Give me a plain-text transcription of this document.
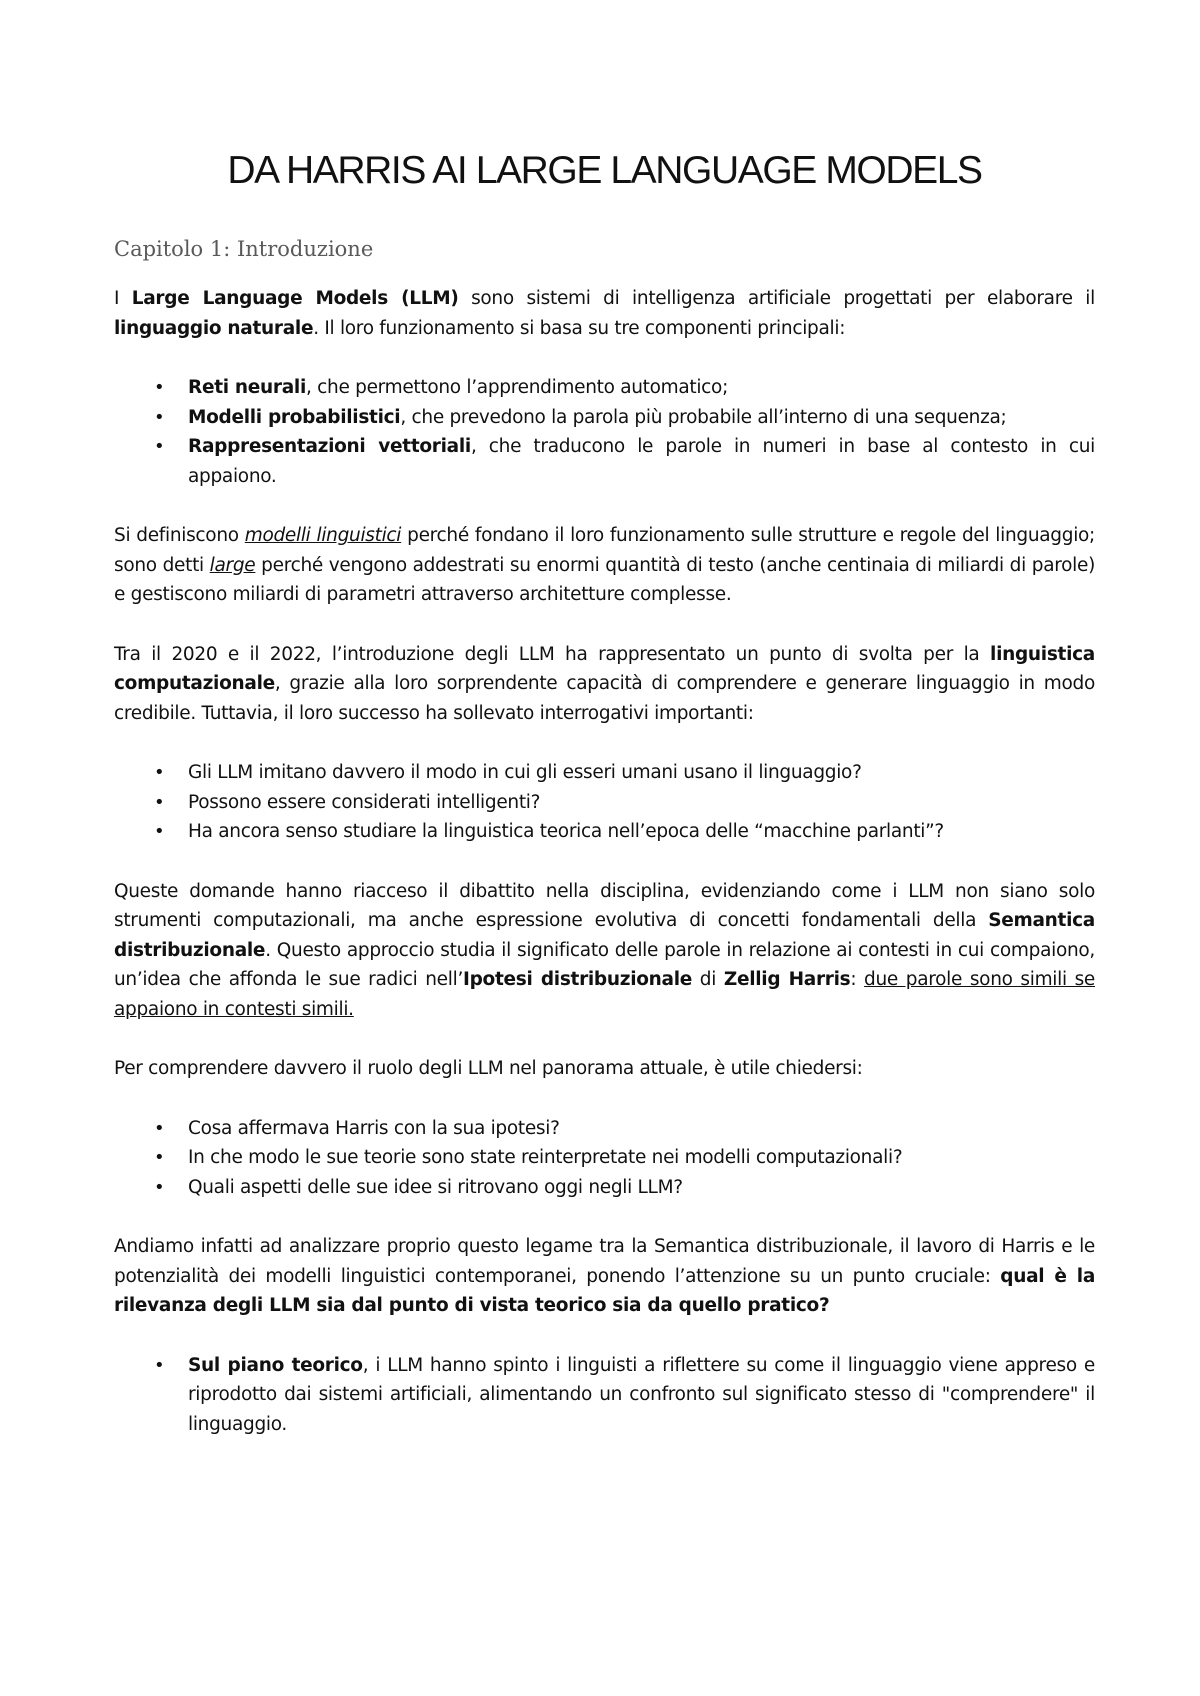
DA HARRIS AI LARGE LANGUAGE MODELS
Capitolo 1: Introduzione

I Large Language Models (LLM) sono sistemi di intelligenza artificiale progettati per elaborare il linguaggio naturale. Il loro funzionamento si basa su tre componenti principali:

• Reti neurali, che permettono l’apprendimento automatico;
• Modelli probabilistici, che prevedono la parola più probabile all’interno di una sequenza;
• Rappresentazioni vettoriali, che traducono le parole in numeri in base al contesto in cui appaiono.

Si definiscono modelli linguistici perché fondano il loro funzionamento sulle strutture e regole del linguaggio; sono detti large perché vengono addestrati su enormi quantità di testo (anche centinaia di miliardi di parole) e gestiscono miliardi di parametri attraverso architetture complesse.

Tra il 2020 e il 2022, l’introduzione degli LLM ha rappresentato un punto di svolta per la linguistica computazionale, grazie alla loro sorprendente capacità di comprendere e generare linguaggio in modo credibile. Tuttavia, il loro successo ha sollevato interrogativi importanti:

• Gli LLM imitano davvero il modo in cui gli esseri umani usano il linguaggio?
• Possono essere considerati intelligenti?
• Ha ancora senso studiare la linguistica teorica nell’epoca delle “macchine parlanti”?

Queste domande hanno riacceso il dibattito nella disciplina, evidenziando come i LLM non siano solo strumenti computazionali, ma anche espressione evolutiva di concetti fondamentali della Semantica distribuzionale. Questo approccio studia il significato delle parole in relazione ai contesti in cui compaiono, un’idea che affonda le sue radici nell’Ipotesi distribuzionale di Zellig Harris: due parole sono simili se appaiono in contesti simili.

Per comprendere davvero il ruolo degli LLM nel panorama attuale, è utile chiedersi:

• Cosa affermava Harris con la sua ipotesi?
• In che modo le sue teorie sono state reinterpretate nei modelli computazionali?
• Quali aspetti delle sue idee si ritrovano oggi negli LLM?

Andiamo infatti ad analizzare proprio questo legame tra la Semantica distribuzionale, il lavoro di Harris e le potenzialità dei modelli linguistici contemporanei, ponendo l’attenzione su un punto cruciale: qual è la rilevanza degli LLM sia dal punto di vista teorico sia da quello pratico?

• Sul piano teorico, i LLM hanno spinto i linguisti a riflettere su come il linguaggio viene appreso e riprodotto dai sistemi artificiali, alimentando un confronto sul significato stesso di "comprendere" il linguaggio.
